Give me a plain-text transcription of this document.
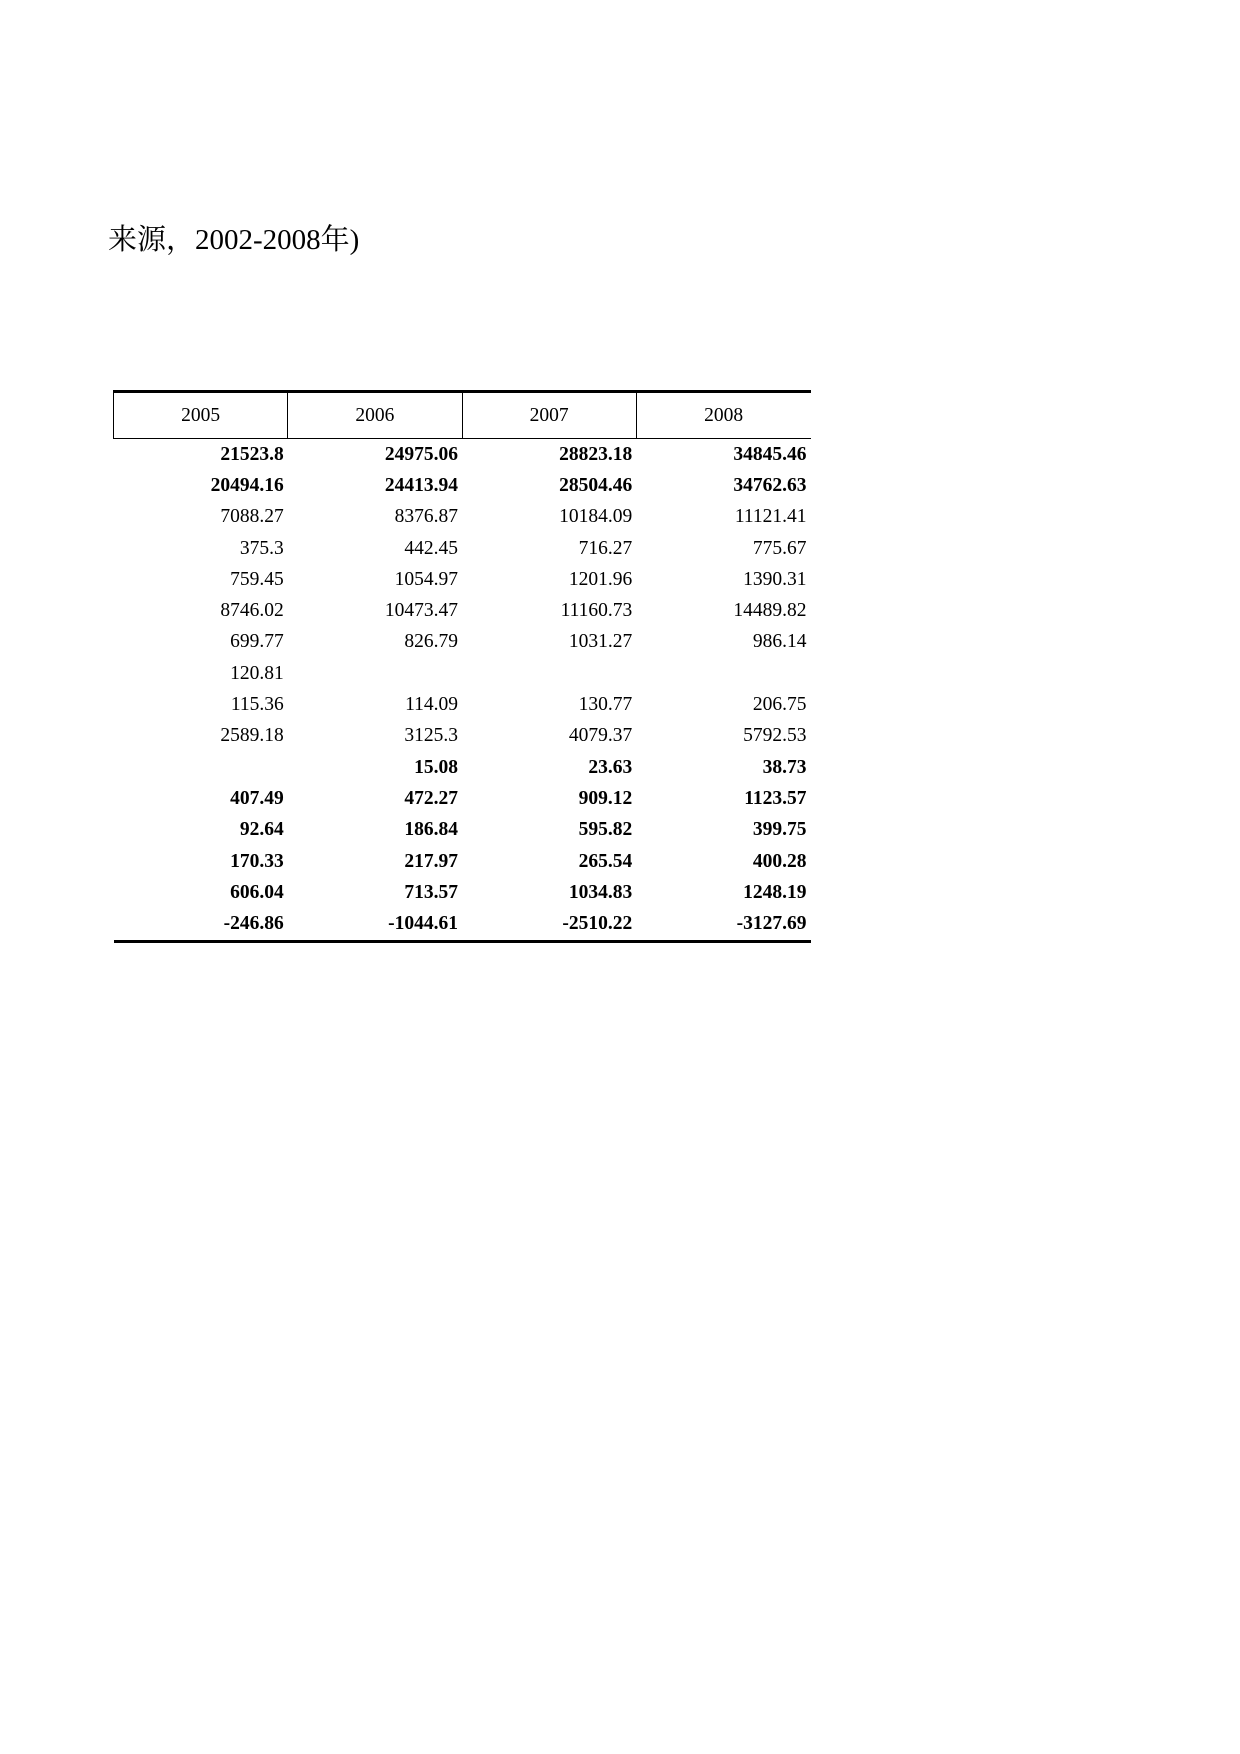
来源，2002-2008年)
2005	2006	2007	2008
21523.8	24975.06	28823.18	34845.46
20494.16	24413.94	28504.46	34762.63
7088.27	8376.87	10184.09	11121.41
375.3	442.45	716.27	775.67
759.45	1054.97	1201.96	1390.31
8746.02	10473.47	11160.73	14489.82
699.77	826.79	1031.27	986.14
120.81			
115.36	114.09	130.77	206.75
2589.18	3125.3	4079.37	5792.53
	15.08	23.63	38.73
407.49	472.27	909.12	1123.57
92.64	186.84	595.82	399.75
170.33	217.97	265.54	400.28
606.04	713.57	1034.83	1248.19
-246.86	-1044.61	-2510.22	-3127.69
